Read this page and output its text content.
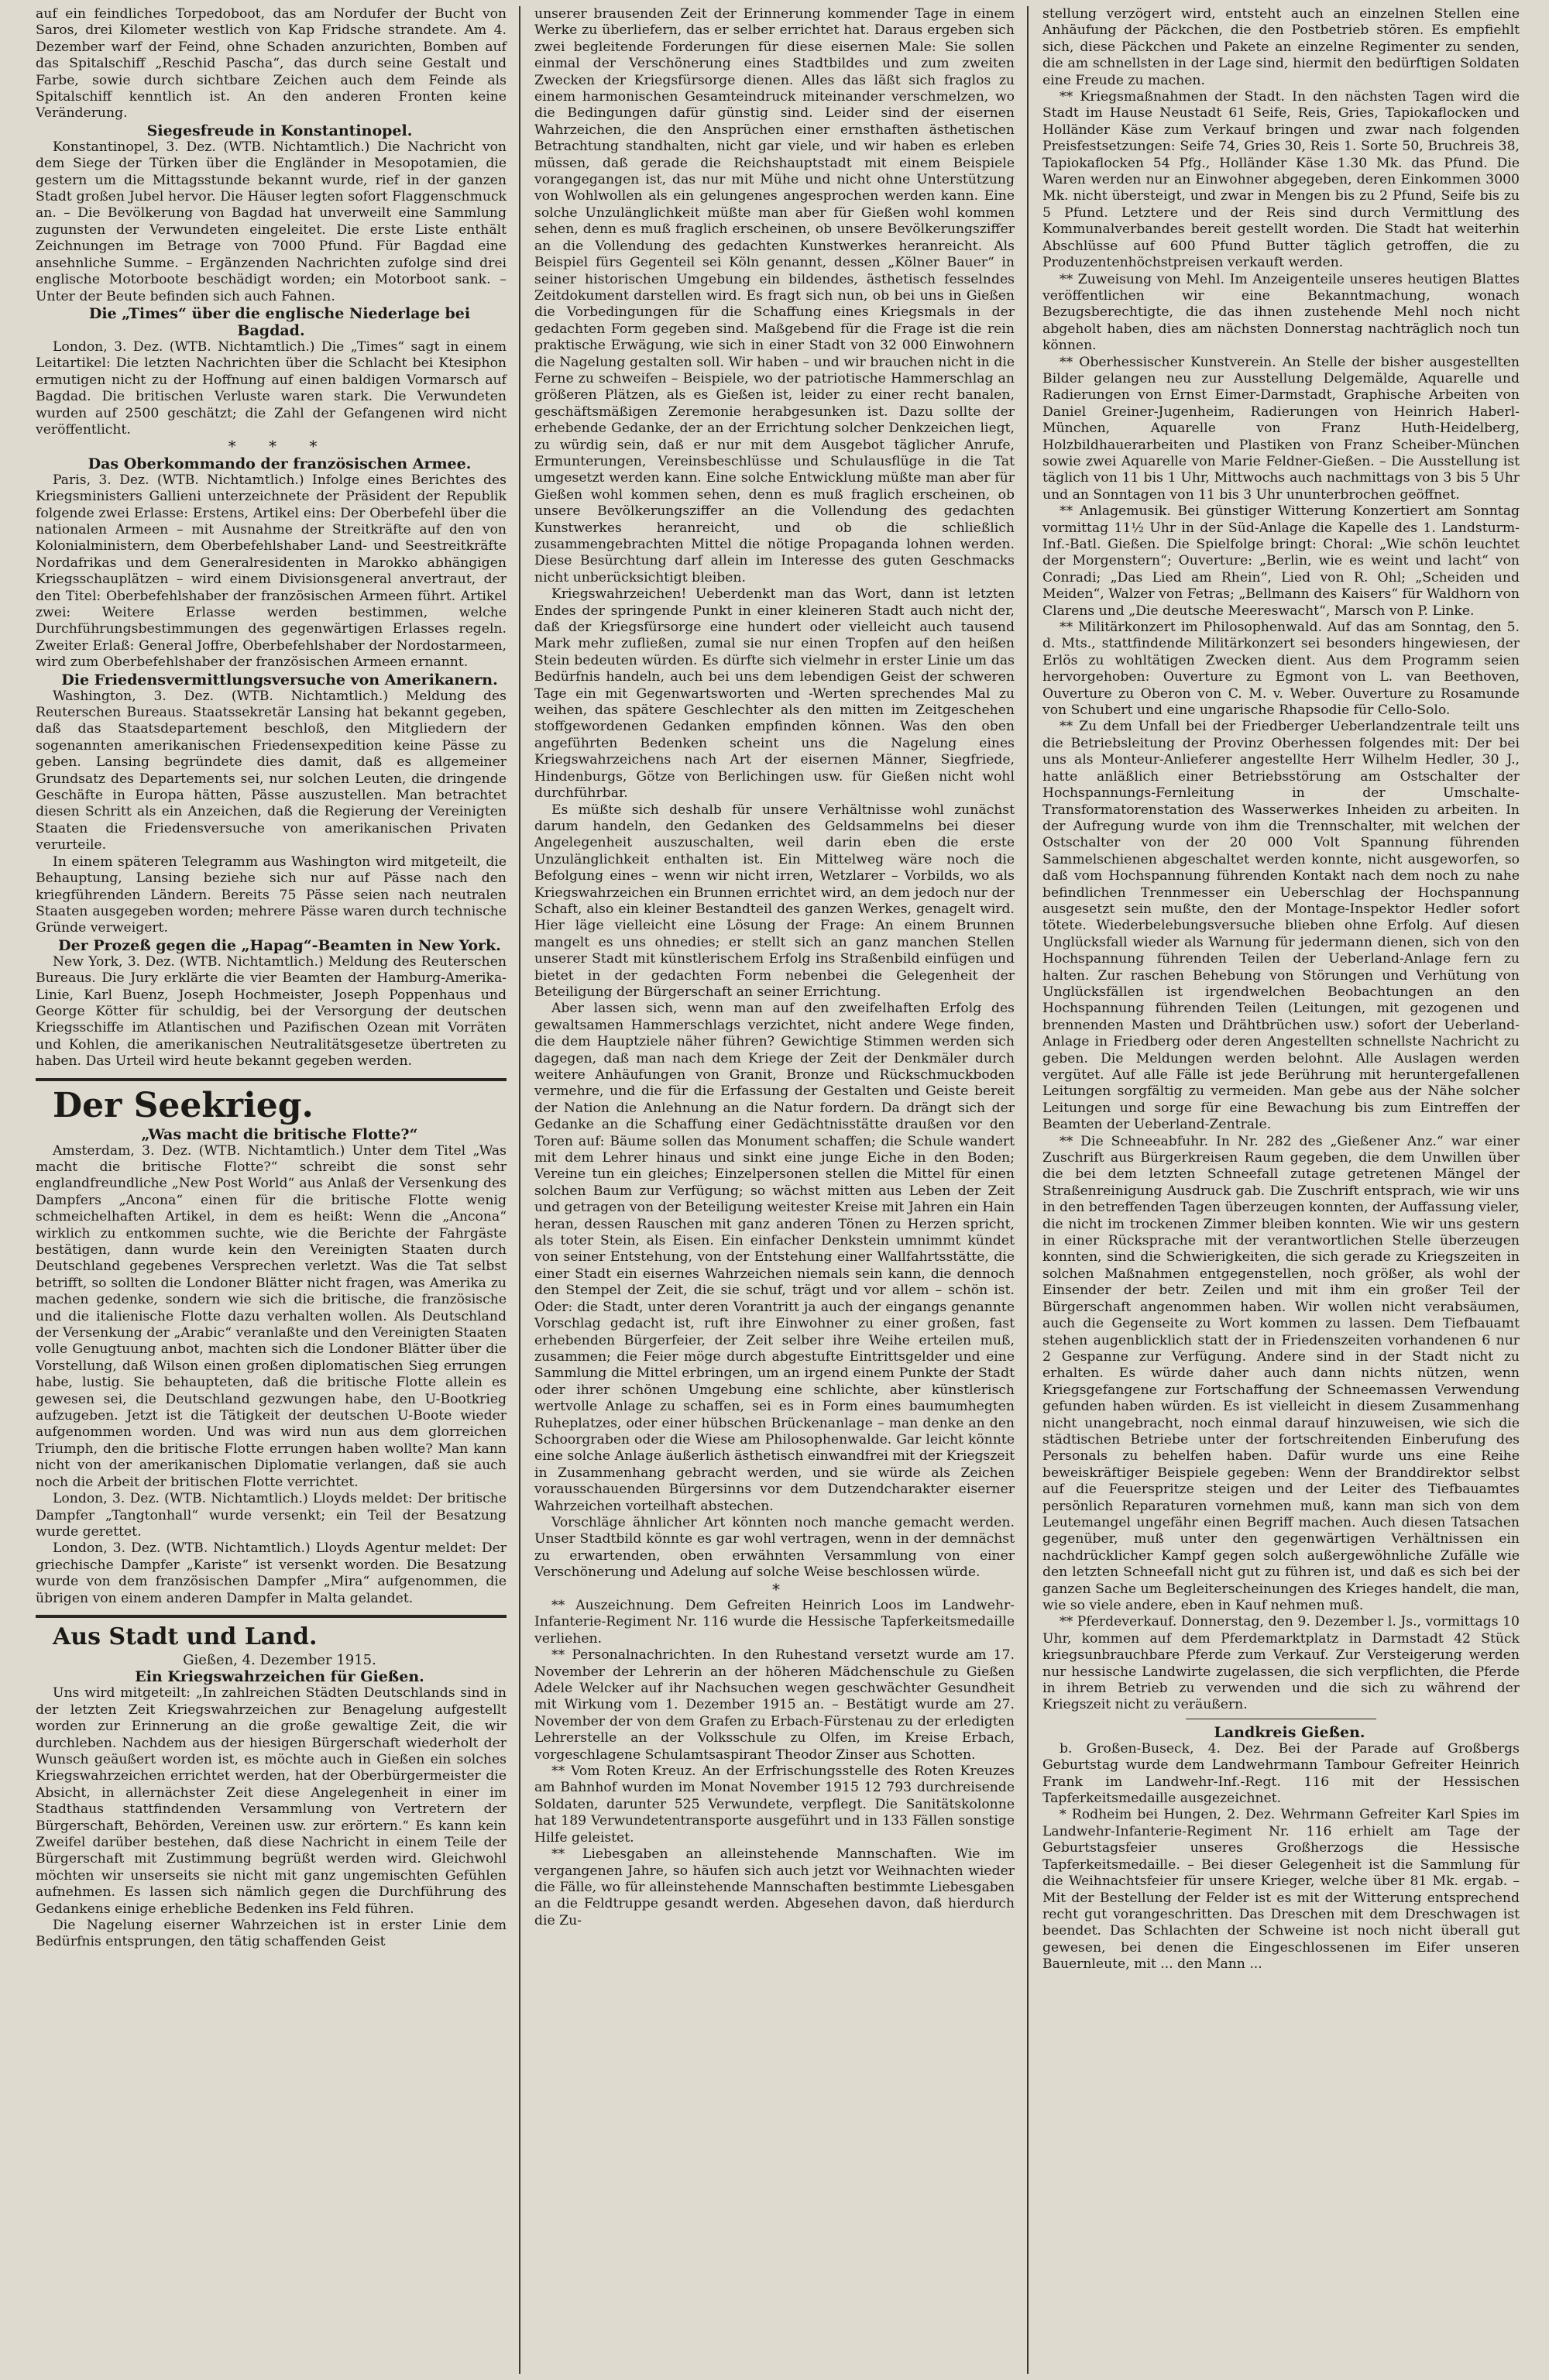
auf ein feindliches Torpedoboot, das am Nordufer der Bucht von Saros, drei Kilometer westlich von Kap Fridsche strandete. Am 4. Dezember warf der Feind, ohne Schaden anzurichten, Bomben auf das Spitalschiff „Reschid Pascha“, das durch seine Gestalt und Farbe, sowie durch sichtbare Zeichen auch dem Feinde als Spitalschiff kenntlich ist. An den anderen Fronten keine Veränderung.

Siegesfreude in Konstantinopel.

Konstantinopel, 3. Dez. (WTB. Nichtamtlich.) Die Nachricht von dem Siege der Türken über die Engländer in Mesopotamien, die gestern um die Mittagsstunde bekannt wurde, rief in der ganzen Stadt großen Jubel hervor. Die Häuser legten sofort Flaggenschmuck an. – Die Bevölkerung von Bagdad hat unverweilt eine Sammlung zugunsten der Verwundeten eingeleitet. Die erste Liste enthält Zeichnungen im Betrage von 7000 Pfund. Für Bagdad eine ansehnliche Summe. – Ergänzenden Nachrichten zufolge sind drei englische Motorboote beschädigt worden; ein Motorboot sank. – Unter der Beute befinden sich auch Fahnen.

Die „Times“ über die englische Niederlage bei Bagdad.

London, 3. Dez. (WTB. Nichtamtlich.) Die „Times“ sagt in einem Leitartikel: Die letzten Nachrichten über die Schlacht bei Ktesiphon ermutigen nicht zu der Hoffnung auf einen baldigen Vormarsch auf Bagdad. Die britischen Verluste waren stark. Die Verwundeten wurden auf 2500 geschätzt; die Zahl der Gefangenen wird nicht veröffentlicht.

* * *

Das Oberkommando der französischen Armee.

Paris, 3. Dez. (WTB. Nichtamtlich.) Infolge eines Berichtes des Kriegsministers Gallieni unterzeichnete der Präsident der Republik folgende zwei Erlasse: Erstens, Artikel eins: Der Oberbefehl über die nationalen Armeen – mit Ausnahme der Streitkräfte auf den von Kolonialministern, dem Oberbefehlshaber Land- und Seestreitkräfte Nordafrikas und dem Generalresidenten in Marokko abhängigen Kriegsschauplätzen – wird einem Divisionsgeneral anvertraut, der den Titel: Oberbefehlshaber der französischen Armeen führt. Artikel zwei: Weitere Erlasse werden bestimmen, welche Durchführungsbestimmungen des gegenwärtigen Erlasses regeln. Zweiter Erlaß: General Joffre, Oberbefehlshaber der Nordostarmeen, wird zum Oberbefehlshaber der französischen Armeen ernannt.

Die Friedensvermittlungsversuche von Amerikanern.

Washington, 3. Dez. (WTB. Nichtamtlich.) Meldung des Reuterschen Bureaus. Staatssekretär Lansing hat bekannt gegeben, daß das Staatsdepartement beschloß, den Mitgliedern der sogenannten amerikanischen Friedensexpedition keine Pässe zu geben. Lansing begründete dies damit, daß es allgemeiner Grundsatz des Departements sei, nur solchen Leuten, die dringende Geschäfte in Europa hätten, Pässe auszustellen. Man betrachtet diesen Schritt als ein Anzeichen, daß die Regierung der Vereinigten Staaten die Friedensversuche von amerikanischen Privaten verurteile.

In einem späteren Telegramm aus Washington wird mitgeteilt, die Behauptung, Lansing beziehe sich nur auf Pässe nach den kriegführenden Ländern. Bereits 75 Pässe seien nach neutralen Staaten ausgegeben worden; mehrere Pässe waren durch technische Gründe verweigert.

Der Prozeß gegen die „Hapag“-Beamten in New York.

New York, 3. Dez. (WTB. Nichtamtlich.) Meldung des Reuterschen Bureaus. Die Jury erklärte die vier Beamten der Hamburg-Amerika-Linie, Karl Buenz, Joseph Hochmeister, Joseph Poppenhaus und George Kötter für schuldig, bei der Versorgung der deutschen Kriegsschiffe im Atlantischen und Pazifischen Ozean mit Vorräten und Kohlen, die amerikanischen Neutralitätsgesetze übertreten zu haben. Das Urteil wird heute bekannt gegeben werden.

Der Seekrieg.

„Was macht die britische Flotte?“

Amsterdam, 3. Dez. (WTB. Nichtamtlich.) Unter dem Titel „Was macht die britische Flotte?“ schreibt die sonst sehr englandfreundliche „New Post World“ aus Anlaß der Versenkung des Dampfers „Ancona“ einen für die britische Flotte wenig schmeichelhaften Artikel, in dem es heißt: Wenn die „Ancona“ wirklich zu entkommen suchte, wie die Berichte der Fahrgäste bestätigen, dann wurde kein den Vereinigten Staaten durch Deutschland gegebenes Versprechen verletzt. Was die Tat selbst betrifft, so sollten die Londoner Blätter nicht fragen, was Amerika zu machen gedenke, sondern wie sich die britische, die französische und die italienische Flotte dazu verhalten wollen. Als Deutschland der Versenkung der „Arabic“ veranlaßte und den Vereinigten Staaten volle Genugtuung anbot, machten sich die Londoner Blätter über die Vorstellung, daß Wilson einen großen diplomatischen Sieg errungen habe, lustig. Sie behaupteten, daß die britische Flotte allein es gewesen sei, die Deutschland gezwungen habe, den U-Bootkrieg aufzugeben. Jetzt ist die Tätigkeit der deutschen U-Boote wieder aufgenommen worden. Und was wird nun aus dem glorreichen Triumph, den die britische Flotte errungen haben wollte? Man kann nicht von der amerikanischen Diplomatie verlangen, daß sie auch noch die Arbeit der britischen Flotte verrichtet.

London, 3. Dez. (WTB. Nichtamtlich.) Lloyds meldet: Der britische Dampfer „Tangtonhall“ wurde versenkt; ein Teil der Besatzung wurde gerettet.

London, 3. Dez. (WTB. Nichtamtlich.) Lloyds Agentur meldet: Der griechische Dampfer „Kariste“ ist versenkt worden. Die Besatzung wurde von dem französischen Dampfer „Mira“ aufgenommen, die übrigen von einem anderen Dampfer in Malta gelandet.

Aus Stadt und Land.

Gießen, 4. Dezember 1915.

Ein Kriegswahrzeichen für Gießen.

Uns wird mitgeteilt: „In zahlreichen Städten Deutschlands sind in der letzten Zeit Kriegswahrzeichen zur Benagelung aufgestellt worden zur Erinnerung an die große gewaltige Zeit, die wir durchleben. Nachdem aus der hiesigen Bürgerschaft wiederholt der Wunsch geäußert worden ist, es möchte auch in Gießen ein solches Kriegswahrzeichen errichtet werden, hat der Oberbürgermeister die Absicht, in allernächster Zeit diese Angelegenheit in einer im Stadthaus stattfindenden Versammlung von Vertretern der Bürgerschaft, Behörden, Vereinen usw. zur erörtern.“ Es kann kein Zweifel darüber bestehen, daß diese Nachricht in einem Teile der Bürgerschaft mit Zustimmung begrüßt werden wird. Gleichwohl möchten wir unserseits sie nicht mit ganz ungemischten Gefühlen aufnehmen. Es lassen sich nämlich gegen die Durchführung des Gedankens einige erhebliche Bedenken ins Feld führen.

Die Nagelung eiserner Wahrzeichen ist in erster Linie dem Bedürfnis entsprungen, den tätig schaffenden Geist

unserer brausenden Zeit der Erinnerung kommender Tage in einem Werke zu überliefern, das er selber errichtet hat. Daraus ergeben sich zwei begleitende Forderungen für diese eisernen Male: Sie sollen einmal der Verschönerung eines Stadtbildes und zum zweiten Zwecken der Kriegsfürsorge dienen. Alles das läßt sich fraglos zu einem harmonischen Gesamteindruck miteinander verschmelzen, wo die Bedingungen dafür günstig sind. Leider sind der eisernen Wahrzeichen, die den Ansprüchen einer ernsthaften ästhetischen Betrachtung standhalten, nicht gar viele, und wir haben es erleben müssen, daß gerade die Reichshauptstadt mit einem Beispiele vorangegangen ist, das nur mit Mühe und nicht ohne Unterstützung von Wohlwollen als ein gelungenes angesprochen werden kann. Eine solche Unzulänglichkeit müßte man aber für Gießen wohl kommen sehen, denn es muß fraglich erscheinen, ob unsere Bevölkerungsziffer an die Vollendung des gedachten Kunstwerkes heranreicht. Als Beispiel fürs Gegenteil sei Köln genannt, dessen „Kölner Bauer“ in seiner historischen Umgebung ein bildendes, ästhetisch fesselndes Zeitdokument darstellen wird. Es fragt sich nun, ob bei uns in Gießen die Vorbedingungen für die Schaffung eines Kriegsmals in der gedachten Form gegeben sind. Maßgebend für die Frage ist die rein praktische Erwägung, wie sich in einer Stadt von 32 000 Einwohnern die Nagelung gestalten soll. Wir haben – und wir brauchen nicht in die Ferne zu schweifen – Beispiele, wo der patriotische Hammerschlag an größeren Plätzen, als es Gießen ist, leider zu einer recht banalen, geschäftsmäßigen Zeremonie herabgesunken ist. Dazu sollte der erhebende Gedanke, der an der Errichtung solcher Denkzeichen liegt, zu würdig sein, daß er nur mit dem Ausgebot täglicher Anrufe, Ermunterungen, Vereinsbeschlüsse und Schulausflüge in die Tat umgesetzt werden kann. Eine solche Entwicklung müßte man aber für Gießen wohl kommen sehen, denn es muß fraglich erscheinen, ob unsere Bevölkerungsziffer an die Vollendung des gedachten Kunstwerkes heranreicht, und ob die schließlich zusammengebrachten Mittel die nötige Propaganda lohnen werden. Diese Besürchtung darf allein im Interesse des guten Geschmacks nicht unberücksichtigt bleiben.

Kriegswahrzeichen! Ueberdenkt man das Wort, dann ist letzten Endes der springende Punkt in einer kleineren Stadt auch nicht der, daß der Kriegsfürsorge eine hundert oder vielleicht auch tausend Mark mehr zufließen, zumal sie nur einen Tropfen auf den heißen Stein bedeuten würden. Es dürfte sich vielmehr in erster Linie um das Bedürfnis handeln, auch bei uns dem lebendigen Geist der schweren Tage ein mit Gegenwartsworten und -Werten sprechendes Mal zu weihen, das spätere Geschlechter als den mitten im Zeitgeschehen stoffgewordenen Gedanken empfinden können. Was den oben angeführten Bedenken scheint uns die Nagelung eines Kriegswahrzeichens nach Art der eisernen Männer, Siegfriede, Hindenburgs, Götze von Berlichingen usw. für Gießen nicht wohl durchführbar.

Es müßte sich deshalb für unsere Verhältnisse wohl zunächst darum handeln, den Gedanken des Geldsammelns bei dieser Angelegenheit auszuschalten, weil darin eben die erste Unzulänglichkeit enthalten ist. Ein Mittelweg wäre noch die Befolgung eines – wenn wir nicht irren, Wetzlarer – Vorbilds, wo als Kriegswahrzeichen ein Brunnen errichtet wird, an dem jedoch nur der Schaft, also ein kleiner Bestandteil des ganzen Werkes, genagelt wird. Hier läge vielleicht eine Lösung der Frage: An einem Brunnen mangelt es uns ohnedies; er stellt sich an ganz manchen Stellen unserer Stadt mit künstlerischem Erfolg ins Straßenbild einfügen und bietet in der gedachten Form nebenbei die Gelegenheit der Beteiligung der Bürgerschaft an seiner Errichtung.

Aber lassen sich, wenn man auf den zweifelhaften Erfolg des gewaltsamen Hammerschlags verzichtet, nicht andere Wege finden, die dem Hauptziele näher führen? Gewichtige Stimmen werden sich dagegen, daß man nach dem Kriege der Zeit der Denkmäler durch weitere Anhäufungen von Granit, Bronze und Rückschmuckboden vermehre, und die für die Erfassung der Gestalten und Geiste bereit der Nation die Anlehnung an die Natur fordern. Da drängt sich der Gedanke an die Schaffung einer Gedächtnisstätte draußen vor den Toren auf: Bäume sollen das Monument schaffen; die Schule wandert mit dem Lehrer hinaus und sinkt eine junge Eiche in den Boden; Vereine tun ein gleiches; Einzelpersonen stellen die Mittel für einen solchen Baum zur Verfügung; so wächst mitten aus Leben der Zeit und getragen von der Beteiligung weitester Kreise mit Jahren ein Hain heran, dessen Rauschen mit ganz anderen Tönen zu Herzen spricht, als toter Stein, als Eisen. Ein einfacher Denkstein umnimmt kündet von seiner Entstehung, von der Entstehung einer Wallfahrtsstätte, die einer Stadt ein eisernes Wahrzeichen niemals sein kann, die dennoch den Stempel der Zeit, die sie schuf, trägt und vor allem – schön ist. Oder: die Stadt, unter deren Vorantritt ja auch der eingangs genannte Vorschlag gedacht ist, ruft ihre Einwohner zu einer großen, fast erhebenden Bürgerfeier, der Zeit selber ihre Weihe erteilen muß, zusammen; die Feier möge durch abgestufte Eintrittsgelder und eine Sammlung die Mittel erbringen, um an irgend einem Punkte der Stadt oder ihrer schönen Umgebung eine schlichte, aber künstlerisch wertvolle Anlage zu schaffen, sei es in Form eines baumumhegten Ruheplatzes, oder einer hübschen Brückenanlage – man denke an den Schoorgraben oder die Wiese am Philosophenwalde. Gar leicht könnte eine solche Anlage äußerlich ästhetisch einwandfrei mit der Kriegszeit in Zusammenhang gebracht werden, und sie würde als Zeichen vorausschauenden Bürgersinns vor dem Dutzendcharakter eiserner Wahrzeichen vorteilhaft abstechen.

Vorschläge ähnlicher Art könnten noch manche gemacht werden. Unser Stadtbild könnte es gar wohl vertragen, wenn in der demnächst zu erwartenden, oben erwähnten Versammlung von einer Verschönerung und Adelung auf solche Weise beschlossen würde.

*

** Auszeichnung. Dem Gefreiten Heinrich Loos im Landwehr-Infanterie-Regiment Nr. 116 wurde die Hessische Tapferkeitsmedaille verliehen.

** Personalnachrichten. In den Ruhestand versetzt wurde am 17. November der Lehrerin an der höheren Mädchenschule zu Gießen Adele Welcker auf ihr Nachsuchen wegen geschwächter Gesundheit mit Wirkung vom 1. Dezember 1915 an. – Bestätigt wurde am 27. November der von dem Grafen zu Erbach-Fürstenau zu der erledigten Lehrerstelle an der Volksschule zu Olfen, im Kreise Erbach, vorgeschlagene Schulamtsaspirant Theodor Zinser aus Schotten.

** Vom Roten Kreuz. An der Erfrischungsstelle des Roten Kreuzes am Bahnhof wurden im Monat November 1915 12 793 durchreisende Soldaten, darunter 525 Verwundete, verpflegt. Die Sanitätskolonne hat 189 Verwundetentransporte ausgeführt und in 133 Fällen sonstige Hilfe geleistet.

** Liebesgaben an alleinstehende Mannschaften. Wie im vergangenen Jahre, so häufen sich auch jetzt vor Weihnachten wieder die Fälle, wo für alleinstehende Mannschaften bestimmte Liebesgaben an die Feldtruppe gesandt werden. Abgesehen davon, daß hierdurch die Zu-

stellung verzögert wird, entsteht auch an einzelnen Stellen eine Anhäufung der Päckchen, die den Postbetrieb stören. Es empfiehlt sich, diese Päckchen und Pakete an einzelne Regimenter zu senden, die am schnellsten in der Lage sind, hiermit den bedürftigen Soldaten eine Freude zu machen.

** Kriegsmaßnahmen der Stadt. In den nächsten Tagen wird die Stadt im Hause Neustadt 61 Seife, Reis, Gries, Tapiokaflocken und Holländer Käse zum Verkauf bringen und zwar nach folgenden Preisfestsetzungen: Seife 74, Gries 30, Reis 1. Sorte 50, Bruchreis 38, Tapiokaflocken 54 Pfg., Holländer Käse 1.30 Mk. das Pfund. Die Waren werden nur an Einwohner abgegeben, deren Einkommen 3000 Mk. nicht übersteigt, und zwar in Mengen bis zu 2 Pfund, Seife bis zu 5 Pfund. Letztere und der Reis sind durch Vermittlung des Kommunalverbandes bereit gestellt worden. Die Stadt hat weiterhin Abschlüsse auf 600 Pfund Butter täglich getroffen, die zu Produzentenhöchstpreisen verkauft werden.

** Zuweisung von Mehl. Im Anzeigenteile unseres heutigen Blattes veröffentlichen wir eine Bekanntmachung, wonach Bezugsberechtigte, die das ihnen zustehende Mehl noch nicht abgeholt haben, dies am nächsten Donnerstag nachträglich noch tun können.

** Oberhessischer Kunstverein. An Stelle der bisher ausgestellten Bilder gelangen neu zur Ausstellung Delgemälde, Aquarelle und Radierungen von Ernst Eimer-Darmstadt, Graphische Arbeiten von Daniel Greiner-Jugenheim, Radierungen von Heinrich Haberl-München, Aquarelle von Franz Huth-Heidelberg, Holzbildhauerarbeiten und Plastiken von Franz Scheiber-München sowie zwei Aquarelle von Marie Feldner-Gießen. – Die Ausstellung ist täglich von 11 bis 1 Uhr, Mittwochs auch nachmittags von 3 bis 5 Uhr und an Sonntagen von 11 bis 3 Uhr ununterbrochen geöffnet.

** Anlagemusik. Bei günstiger Witterung Konzertiert am Sonntag vormittag 11½ Uhr in der Süd-Anlage die Kapelle des 1. Landsturm-Inf.-Batl. Gießen. Die Spielfolge bringt: Choral: „Wie schön leuchtet der Morgenstern“; Ouverture: „Berlin, wie es weint und lacht“ von Conradi; „Das Lied am Rhein“, Lied von R. Ohl; „Scheiden und Meiden“, Walzer von Fetras; „Bellmann des Kaisers“ für Waldhorn von Clarens und „Die deutsche Meereswacht“, Marsch von P. Linke.

** Militärkonzert im Philosophenwald. Auf das am Sonntag, den 5. d. Mts., stattfindende Militärkonzert sei besonders hingewiesen, der Erlös zu wohltätigen Zwecken dient. Aus dem Programm seien hervorgehoben: Ouverture zu Egmont von L. van Beethoven, Ouverture zu Oberon von C. M. v. Weber. Ouverture zu Rosamunde von Schubert und eine ungarische Rhapsodie für Cello-Solo.

** Zu dem Unfall bei der Friedberger Ueberlandzentrale teilt uns die Betriebsleitung der Provinz Oberhessen folgendes mit: Der bei uns als Monteur-Anlieferer angestellte Herr Wilhelm Hedler, 30 J., hatte anläßlich einer Betriebsstörung am Ostschalter der Hochspannungs-Fernleitung in der Umschalte-Transformatorenstation des Wasserwerkes Inheiden zu arbeiten. In der Aufregung wurde von ihm die Trennschalter, mit welchen der Ostschalter von der 20 000 Volt Spannung führenden Sammelschienen abgeschaltet werden konnte, nicht ausgeworfen, so daß vom Hochspannung führenden Kontakt nach dem noch zu nahe befindlichen Trennmesser ein Ueberschlag der Hochspannung ausgesetzt sein mußte, den der Montage-Inspektor Hedler sofort tötete. Wiederbelebungsversuche blieben ohne Erfolg. Auf diesen Unglücksfall wieder als Warnung für jedermann dienen, sich von den Hochspannung führenden Teilen der Ueberland-Anlage fern zu halten. Zur raschen Behebung von Störungen und Verhütung von Unglücksfällen ist irgendwelchen Beobachtungen an den Hochspannung führenden Teilen (Leitungen, mit gezogenen und brennenden Masten und Drähtbrüchen usw.) sofort der Ueberland-Anlage in Friedberg oder deren Angestellten schnellste Nachricht zu geben. Die Meldungen werden belohnt. Alle Auslagen werden vergütet. Auf alle Fälle ist jede Berührung mit heruntergefallenen Leitungen sorgfältig zu vermeiden. Man gebe aus der Nähe solcher Leitungen und sorge für eine Bewachung bis zum Eintreffen der Beamten der Ueberland-Zentrale.

** Die Schneeabfuhr. In Nr. 282 des „Gießener Anz.“ war einer Zuschrift aus Bürgerkreisen Raum gegeben, die dem Unwillen über die bei dem letzten Schneefall zutage getretenen Mängel der Straßenreinigung Ausdruck gab. Die Zuschrift entsprach, wie wir uns in den betreffenden Tagen überzeugen konnten, der Auffassung vieler, die nicht im trockenen Zimmer bleiben konnten. Wie wir uns gestern in einer Rücksprache mit der verantwortlichen Stelle überzeugen konnten, sind die Schwierigkeiten, die sich gerade zu Kriegszeiten in solchen Maßnahmen entgegenstellen, noch größer, als wohl der Einsender der betr. Zeilen und mit ihm ein großer Teil der Bürgerschaft angenommen haben. Wir wollen nicht verabsäumen, auch die Gegenseite zu Wort kommen zu lassen. Dem Tiefbauamt stehen augenblicklich statt der in Friedenszeiten vorhandenen 6 nur 2 Gespanne zur Verfügung. Andere sind in der Stadt nicht zu erhalten. Es würde daher auch dann nichts nützen, wenn Kriegsgefangene zur Fortschaffung der Schneemassen Verwendung gefunden haben würden. Es ist vielleicht in diesem Zusammenhang nicht unangebracht, noch einmal darauf hinzuweisen, wie sich die städtischen Betriebe unter der fortschreitenden Einberufung des Personals zu behelfen haben. Dafür wurde uns eine Reihe beweiskräftiger Beispiele gegeben: Wenn der Branddirektor selbst auf die Feuerspritze steigen und der Leiter des Tiefbauamtes persönlich Reparaturen vornehmen muß, kann man sich von dem Leutemangel ungefähr einen Begriff machen. Auch diesen Tatsachen gegenüber, muß unter den gegenwärtigen Verhältnissen ein nachdrücklicher Kampf gegen solch außergewöhnliche Zufälle wie den letzten Schneefall nicht gut zu führen ist, und daß es sich bei der ganzen Sache um Begleiterscheinungen des Krieges handelt, die man, wie so viele andere, eben in Kauf nehmen muß.

** Pferdeverkauf. Donnerstag, den 9. Dezember l. Js., vormittags 10 Uhr, kommen auf dem Pferdemarktplatz in Darmstadt 42 Stück kriegsunbrauchbare Pferde zum Verkauf. Zur Versteigerung werden nur hessische Landwirte zugelassen, die sich verpflichten, die Pferde in ihrem Betrieb zu verwenden und die sich zu während der Kriegszeit nicht zu veräußern.

Landkreis Gießen.

b. Großen-Buseck, 4. Dez. Bei der Parade auf Großbergs Geburtstag wurde dem Landwehrmann Tambour Gefreiter Heinrich Frank im Landwehr-Inf.-Regt. 116 mit der Hessischen Tapferkeitsmedaille ausgezeichnet.

* Rodheim bei Hungen, 2. Dez. Wehrmann Gefreiter Karl Spies im Landwehr-Infanterie-Regiment Nr. 116 erhielt am Tage der Geburtstagsfeier unseres Großherzogs die Hessische Tapferkeitsmedaille. – Bei dieser Gelegenheit ist die Sammlung für die Weihnachtsfeier für unsere Krieger, welche über 81 Mk. ergab. – Mit der Bestellung der Felder ist es mit der Witterung entsprechend recht gut vorangeschritten. Das Dreschen mit dem Dreschwagen ist beendet. Das Schlachten der Schweine ist noch nicht überall gut gewesen, bei denen die Eingeschlossenen im Eifer unseren Bauernleute, mit ... den Mann ...
